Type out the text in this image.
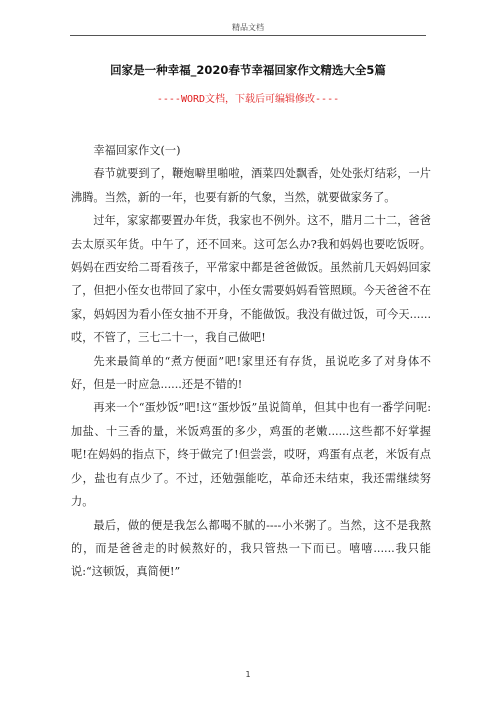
精品文档
回家是一种幸福_2020春节幸福回家作文精选大全5篇
----WORD文档，下载后可编辑修改----

幸福回家作文(一)

春节就要到了，鞭炮噼里啪啦，酒菜四处飘香，处处张灯结彩，一片沸腾。当然，新的一年，也要有新的气象，当然，就要做家务了。

过年，家家都要置办年货，我家也不例外。这不，腊月二十二，爸爸去太原买年货。中午了，还不回来。这可怎么办?我和妈妈也要吃饭呀。妈妈在西安给二哥看孩子，平常家中都是爸爸做饭。虽然前几天妈妈回家了，但把小侄女也带回了家中，小侄女需要妈妈看管照顾。今天爸爸不在家，妈妈因为看小侄女抽不开身，不能做饭。我没有做过饭，可今天......哎，不管了，三七二十一，我自己做吧!

先来最简单的“煮方便面”吧!家里还有存货，虽说吃多了对身体不好，但是一时应急......还是不错的!

再来一个“蛋炒饭”吧!这“蛋炒饭”虽说简单，但其中也有一番学问呢:加盐、十三香的量，米饭鸡蛋的多少，鸡蛋的老嫩......这些都不好掌握呢!在妈妈的指点下，终于做完了!但尝尝，哎呀，鸡蛋有点老，米饭有点少，盐也有点少了。不过，还勉强能吃，革命还未结束，我还需继续努力。

最后，做的便是我怎么都喝不腻的----小米粥了。当然，这不是我熬的，而是爸爸走的时候熬好的，我只管热一下而已。嘻嘻......我只能说:“这顿饭，真简便!”

1
